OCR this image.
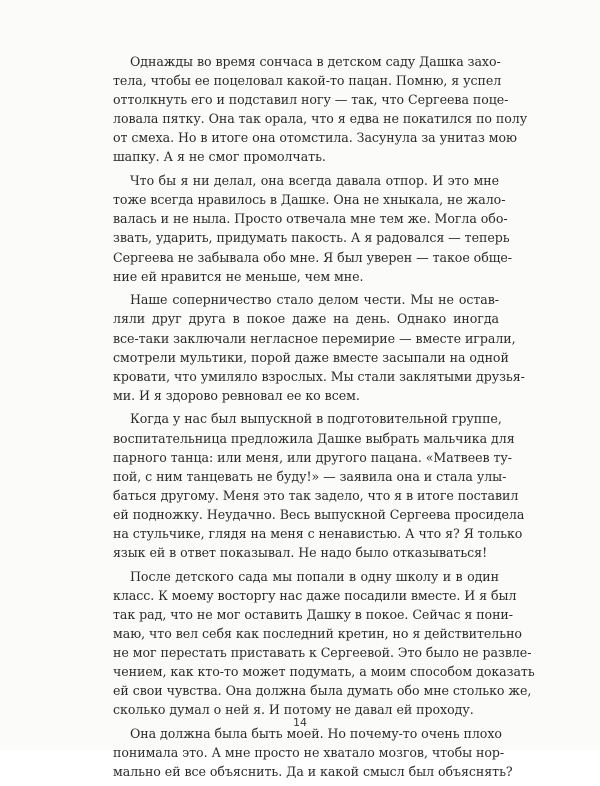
Однажды во время сончаса в детском саду Дашка захо-
тела, чтобы ее поцеловал какой-то пацан. Помню, я успел
оттолкнуть его и подставил ногу — так, что Сергеева поце-
ловала пятку. Она так орала, что я едва не покатился по полу
от смеха. Но в итоге она отомстила. Засунула за унитаз мою
шапку. А я не смог промолчать.
Что бы я ни делал, она всегда давала отпор. И это мне
тоже всегда нравилось в Дашке. Она не хныкала, не жало-
валась и не ныла. Просто отвечала мне тем же. Могла обо-
звать, ударить, придумать пакость. А я радовался — теперь
Сергеева не забывала обо мне. Я был уверен — такое обще-
ние ей нравится не меньше, чем мне.
Наше соперничество стало делом чести. Мы не остав-
ляли друг друга в покое даже на день. Однако иногда
все-таки заключали негласное перемирие — вместе играли,
смотрели мультики, порой даже вместе засыпали на одной
кровати, что умиляло взрослых. Мы стали заклятыми друзья-
ми. И я здорово ревновал ее ко всем.
Когда у нас был выпускной в подготовительной группе,
воспитательница предложила Дашке выбрать мальчика для
парного танца: или меня, или другого пацана. «Матвеев ту-
пой, с ним танцевать не буду!» — заявила она и стала улы-
баться другому. Меня это так задело, что я в итоге поставил
ей подножку. Неудачно. Весь выпускной Сергеева просидела
на стульчике, глядя на меня с ненавистью. А что я? Я только
язык ей в ответ показывал. Не надо было отказываться!
После детского сада мы попали в одну школу и в один
класс. К моему восторгу нас даже посадили вместе. И я был
так рад, что не мог оставить Дашку в покое. Сейчас я пони-
маю, что вел себя как последний кретин, но я действительно
не мог перестать приставать к Сергеевой. Это было не развле-
чением, как кто-то может подумать, а моим способом доказать
ей свои чувства. Она должна была думать обо мне столько же,
сколько думал о ней я. И потому не давал ей проходу.
Она должна была быть моей. Но почему-то очень плохо
понимала это. А мне просто не хватало мозгов, чтобы нор-
мально ей все объяснить. Да и какой смысл был объяснять?
14
